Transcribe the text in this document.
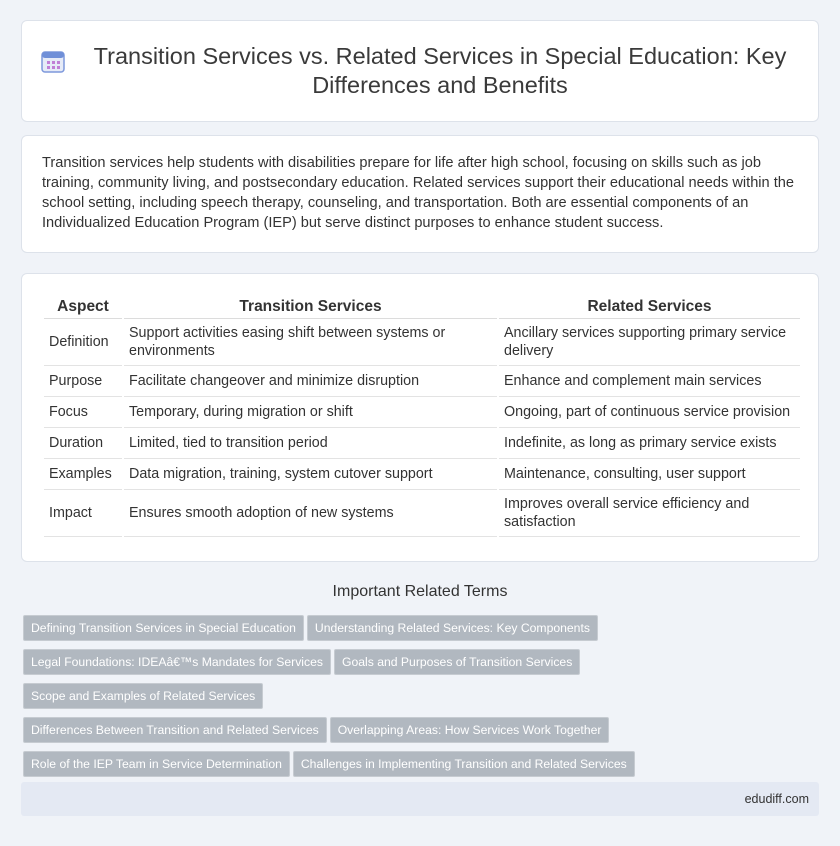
Transition Services vs. Related Services in Special Education: Key Differences and Benefits

Transition services help students with disabilities prepare for life after high school, focusing on skills such as job training, community living, and postsecondary education. Related services support their educational needs within the school setting, including speech therapy, counseling, and transportation. Both are essential components of an Individualized Education Program (IEP) but serve distinct purposes to enhance student success.

Aspect	Transition Services	Related Services
Definition	Support activities easing shift between systems or environments	Ancillary services supporting primary service delivery
Purpose	Facilitate changeover and minimize disruption	Enhance and complement main services
Focus	Temporary, during migration or shift	Ongoing, part of continuous service provision
Duration	Limited, tied to transition period	Indefinite, as long as primary service exists
Examples	Data migration, training, system cutover support	Maintenance, consulting, user support
Impact	Ensures smooth adoption of new systems	Improves overall service efficiency and satisfaction
Important Related Terms
Defining Transition Services in Special Education Understanding Related Services: Key Components
Legal Foundations: IDEAâ€™s Mandates for Services Goals and Purposes of Transition ServicesScope and Examples of Related Services
Differences Between Transition and Related Services Overlapping Areas: How Services Work Together
Role of the IEP Team in Service Determination Challenges in Implementing Transition and Related Services

edudiff.com
